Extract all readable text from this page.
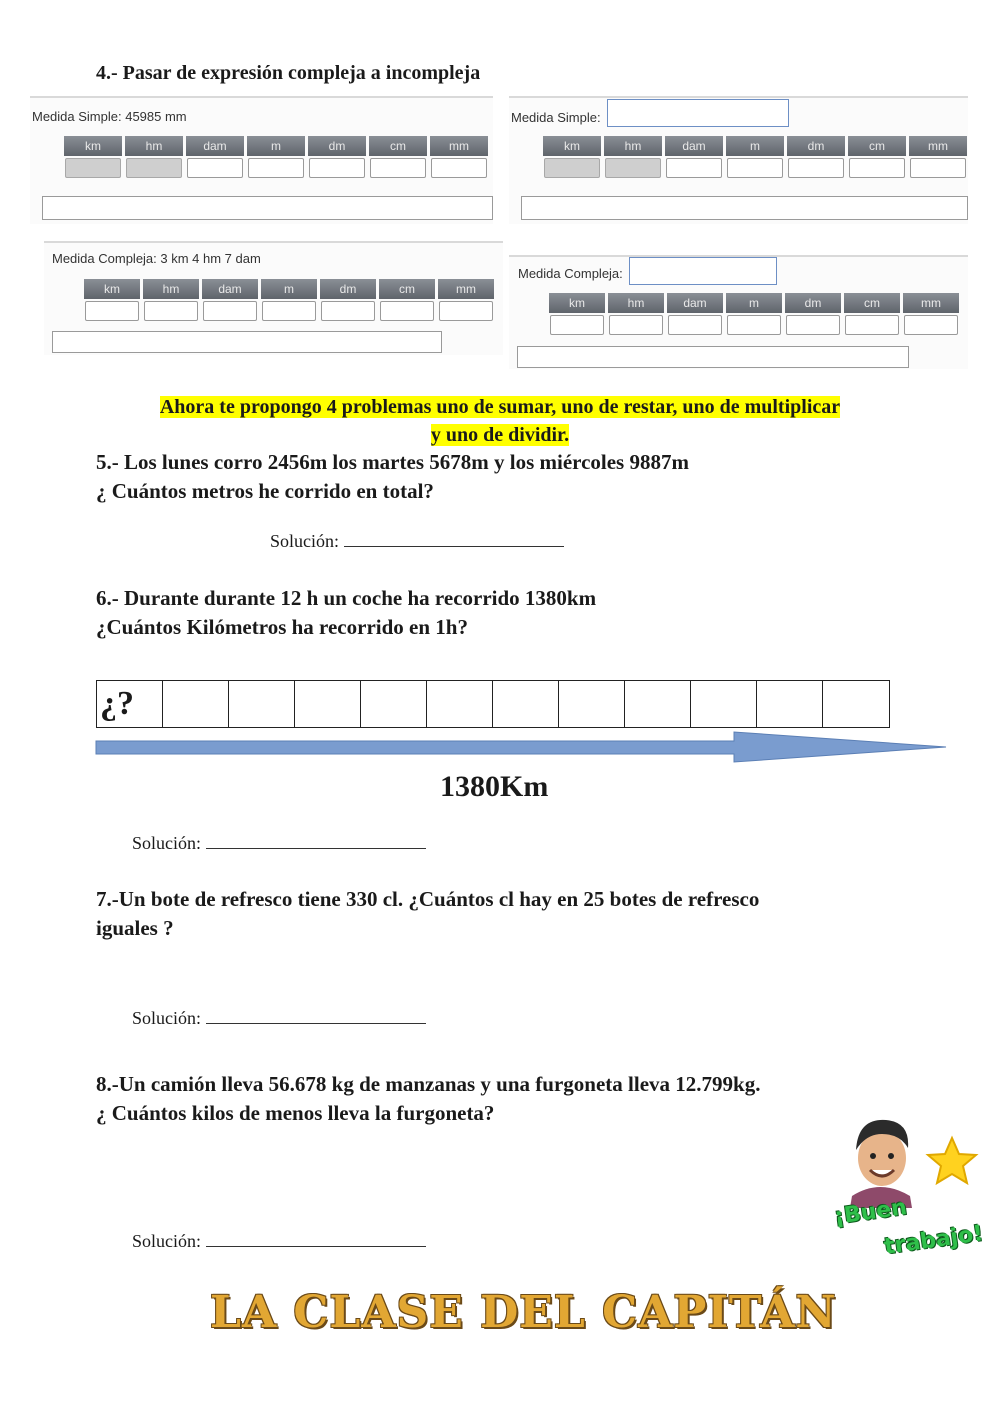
4.- Pasar de expresión compleja a incompleja
Medida Simple: 45985 mm
km	hm	dam	m	dm	cm	mm
Medida Simple:
km	hm	dam	m	dm	cm	mm
Medida Compleja: 3 km 4 hm 7 dam
km	hm	dam	m	dm	cm	mm
Medida Compleja:
km	hm	dam	m	dm	cm	mm
Ahora te propongo 4 problemas uno de sumar, uno de restar, uno de multiplicar
y uno de dividir.
5.- Los lunes corro 2456m los martes 5678m y los miércoles 9887m
¿ Cuántos metros he corrido en total?
Solución:
6.- Durante durante 12 h un coche ha recorrido 1380km
¿Cuántos Kilómetros ha recorrido en 1h?
¿?
1380Km
Solución:
7.-Un bote de refresco tiene 330 cl. ¿Cuántos cl hay en 25 botes de refresco
iguales ?
Solución:
8.-Un camión lleva 56.678 kg de manzanas y una furgoneta lleva 12.799kg.
¿ Cuántos kilos de menos lleva la furgoneta?
Solución:
¡Buen
trabajo!
LA CLASE DEL CAPITÁN
